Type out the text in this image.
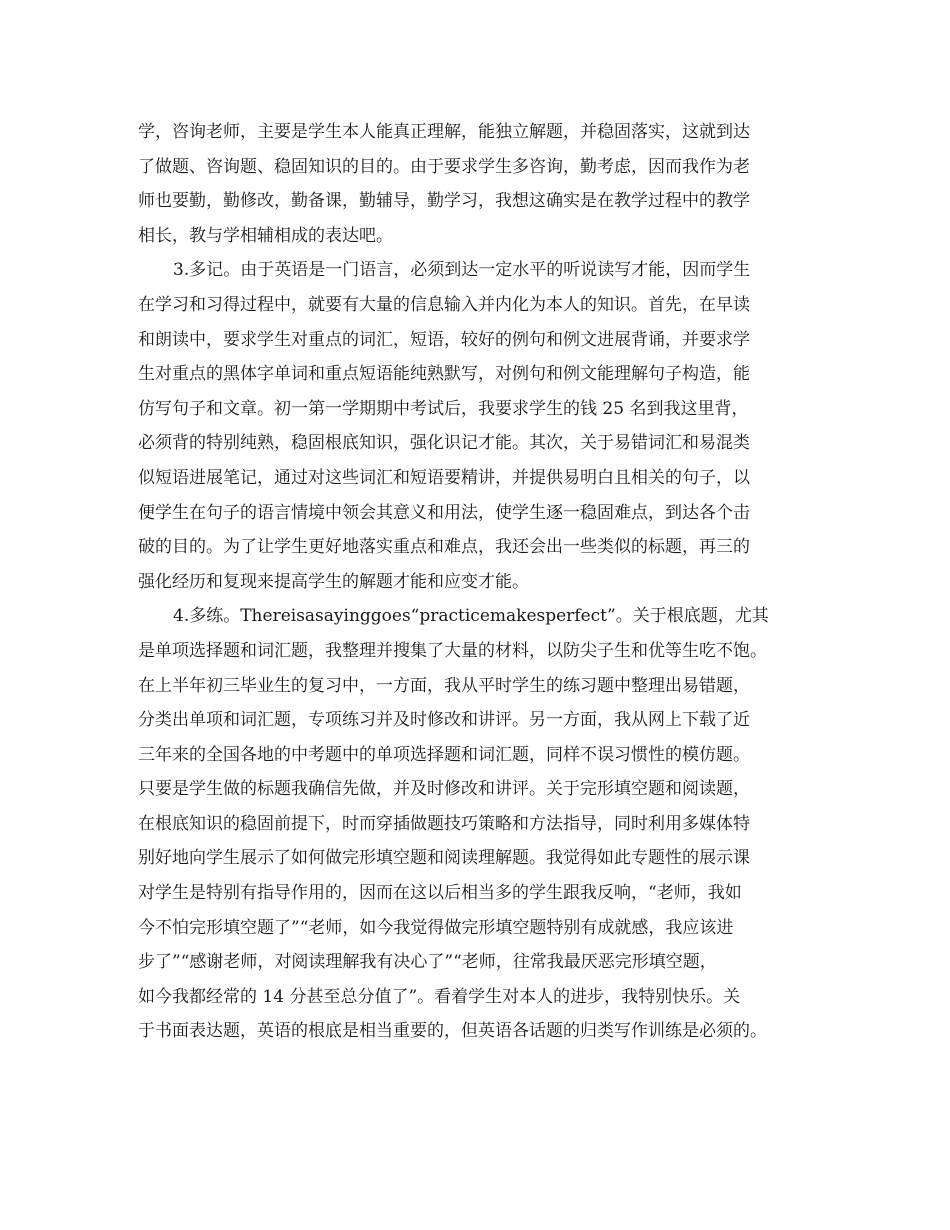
学，咨询老师，主要是学生本人能真正理解，能独立解题，并稳固落实，这就到达
了做题、咨询题、稳固知识的目的。由于要求学生多咨询，勤考虑，因而我作为老
师也要勤，勤修改，勤备课，勤辅导，勤学习，我想这确实是在教学过程中的教学
相长，教与学相辅相成的表达吧。
3.多记。由于英语是一门语言，必须到达一定水平的听说读写才能，因而学生
在学习和习得过程中，就要有大量的信息输入并内化为本人的知识。首先，在早读
和朗读中，要求学生对重点的词汇，短语，较好的例句和例文进展背诵，并要求学
生对重点的黑体字单词和重点短语能纯熟默写，对例句和例文能理解句子构造，能
仿写句子和文章。初一第一学期期中考试后，我要求学生的钱 25 名到我这里背，
必须背的特别纯熟，稳固根底知识，强化识记才能。其次，关于易错词汇和易混类
似短语进展笔记，通过对这些词汇和短语要精讲，并提供易明白且相关的句子，以
便学生在句子的语言情境中领会其意义和用法，使学生逐一稳固难点，到达各个击
破的目的。为了让学生更好地落实重点和难点，我还会出一些类似的标题，再三的
强化经历和复现来提高学生的解题才能和应变才能。
4.多练。Thereisasayinggoes“practicemakesperfect”。关于根底题，尤其
是单项选择题和词汇题，我整理并搜集了大量的材料，以防尖子生和优等生吃不饱。
在上半年初三毕业生的复习中，一方面，我从平时学生的练习题中整理出易错题，
分类出单项和词汇题，专项练习并及时修改和讲评。另一方面，我从网上下载了近
三年来的全国各地的中考题中的单项选择题和词汇题，同样不误习惯性的模仿题。
只要是学生做的标题我确信先做，并及时修改和讲评。关于完形填空题和阅读题，
在根底知识的稳固前提下，时而穿插做题技巧策略和方法指导，同时利用多媒体特
别好地向学生展示了如何做完形填空题和阅读理解题。我觉得如此专题性的展示课
对学生是特别有指导作用的，因而在这以后相当多的学生跟我反响，“老师，我如
今不怕完形填空题了”“老师，如今我觉得做完形填空题特别有成就感，我应该进
步了”“感谢老师，对阅读理解我有决心了”“老师，往常我最厌恶完形填空题，
如今我都经常的 14 分甚至总分值了”。看着学生对本人的进步，我特别快乐。关
于书面表达题，英语的根底是相当重要的，但英语各话题的归类写作训练是必须的。
